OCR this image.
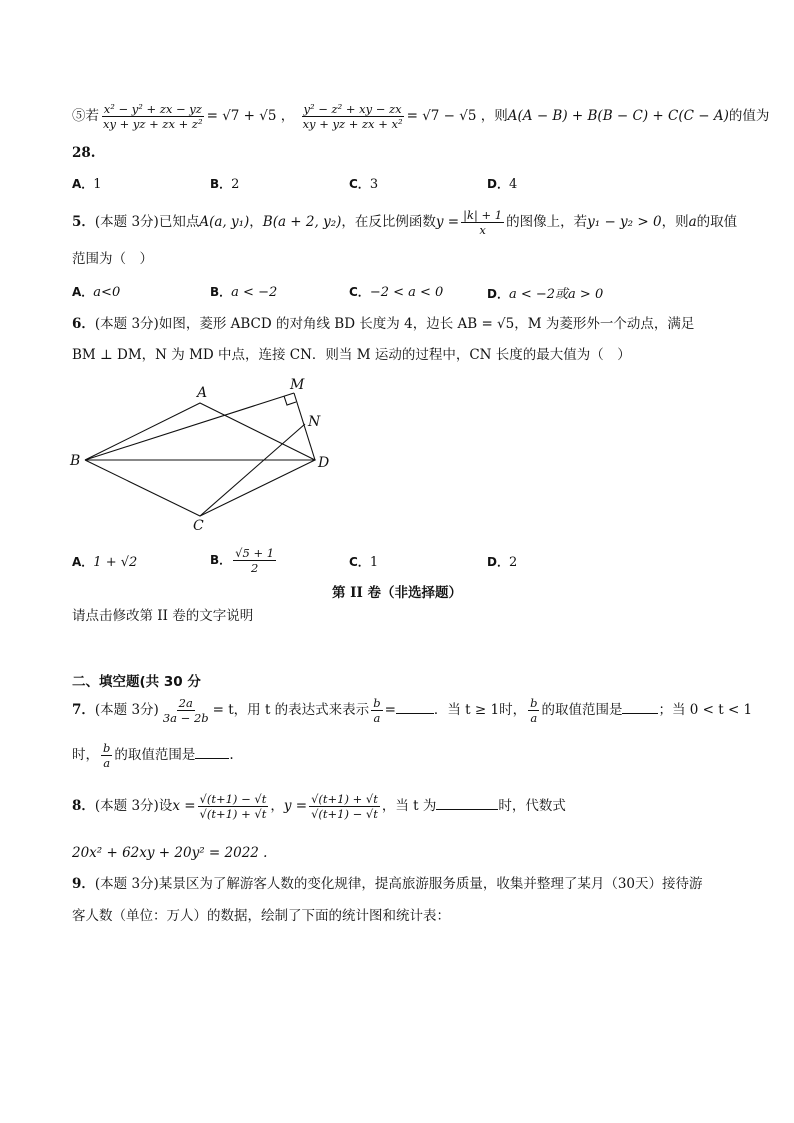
⑤若 $\frac{\text{x² − y² + zx − yz}}{\text{xy + yz + zx + z²}} = √7 + √5$ ， $\frac{\text{y² − z² + xy − zx}}{\text{xy + yz + zx + x²}} = √7 - √5$ ，则A(A − B) + B(B − C) + C(C − A)的值为
28.
A．1	B．2	C．3	D．4
5．(本题 3分)已知点A(a, y₁)，B(a + 2, y₂)，在反比例函数$y = \frac{|k| + 1}{x}$ 的图像上，若y₁ − y₂ > 0，则a的取值
范围为（　）
A．a<0	B．a < −2	C．−2 < a < 0	D．a < −2或a > 0
6．(本题 3分)如图，菱形 ABCD 的对角线 BD 长度为 4，边长 AB = √5，M 为菱形外一个动点，满足
BM ⊥ DM，N 为 MD 中点，连接 CN．则当 M 运动的过程中，CN 长度的最大值为（　）
A
B
C
D
M
N
A．1 + √2	B． $\frac{√5 + 1}{2}$	C．1	D．2
第 II 卷（非选择题）
请点击修改第 II 卷的文字说明
二、填空题(共 30 分
7．(本题 3分) $\frac{2a}{3a - 2b} = t$，用 t 的表达式来表示 $\frac{b}{a}$ =	．当 t ≥ 1时， $\frac{b}{a}$ 的取值范围是	；当 0 < t < 1
时， $\frac{b}{a}$ 的取值范围是	.
8．(本题 3分)设$x = \frac{√(t+1) - √t}{√(t+1) + √t}$ ，$y = \frac{√(t+1) + √t}{√(t+1) - √t}$ ，当 t 为	时，代数式
20x² + 62xy + 20y² = 2022 .
9．(本题 3分)某景区为了解游客人数的变化规律，提高旅游服务质量，收集并整理了某月（30天）接待游
客人数（单位：万人）的数据，绘制了下面的统计图和统计表：
